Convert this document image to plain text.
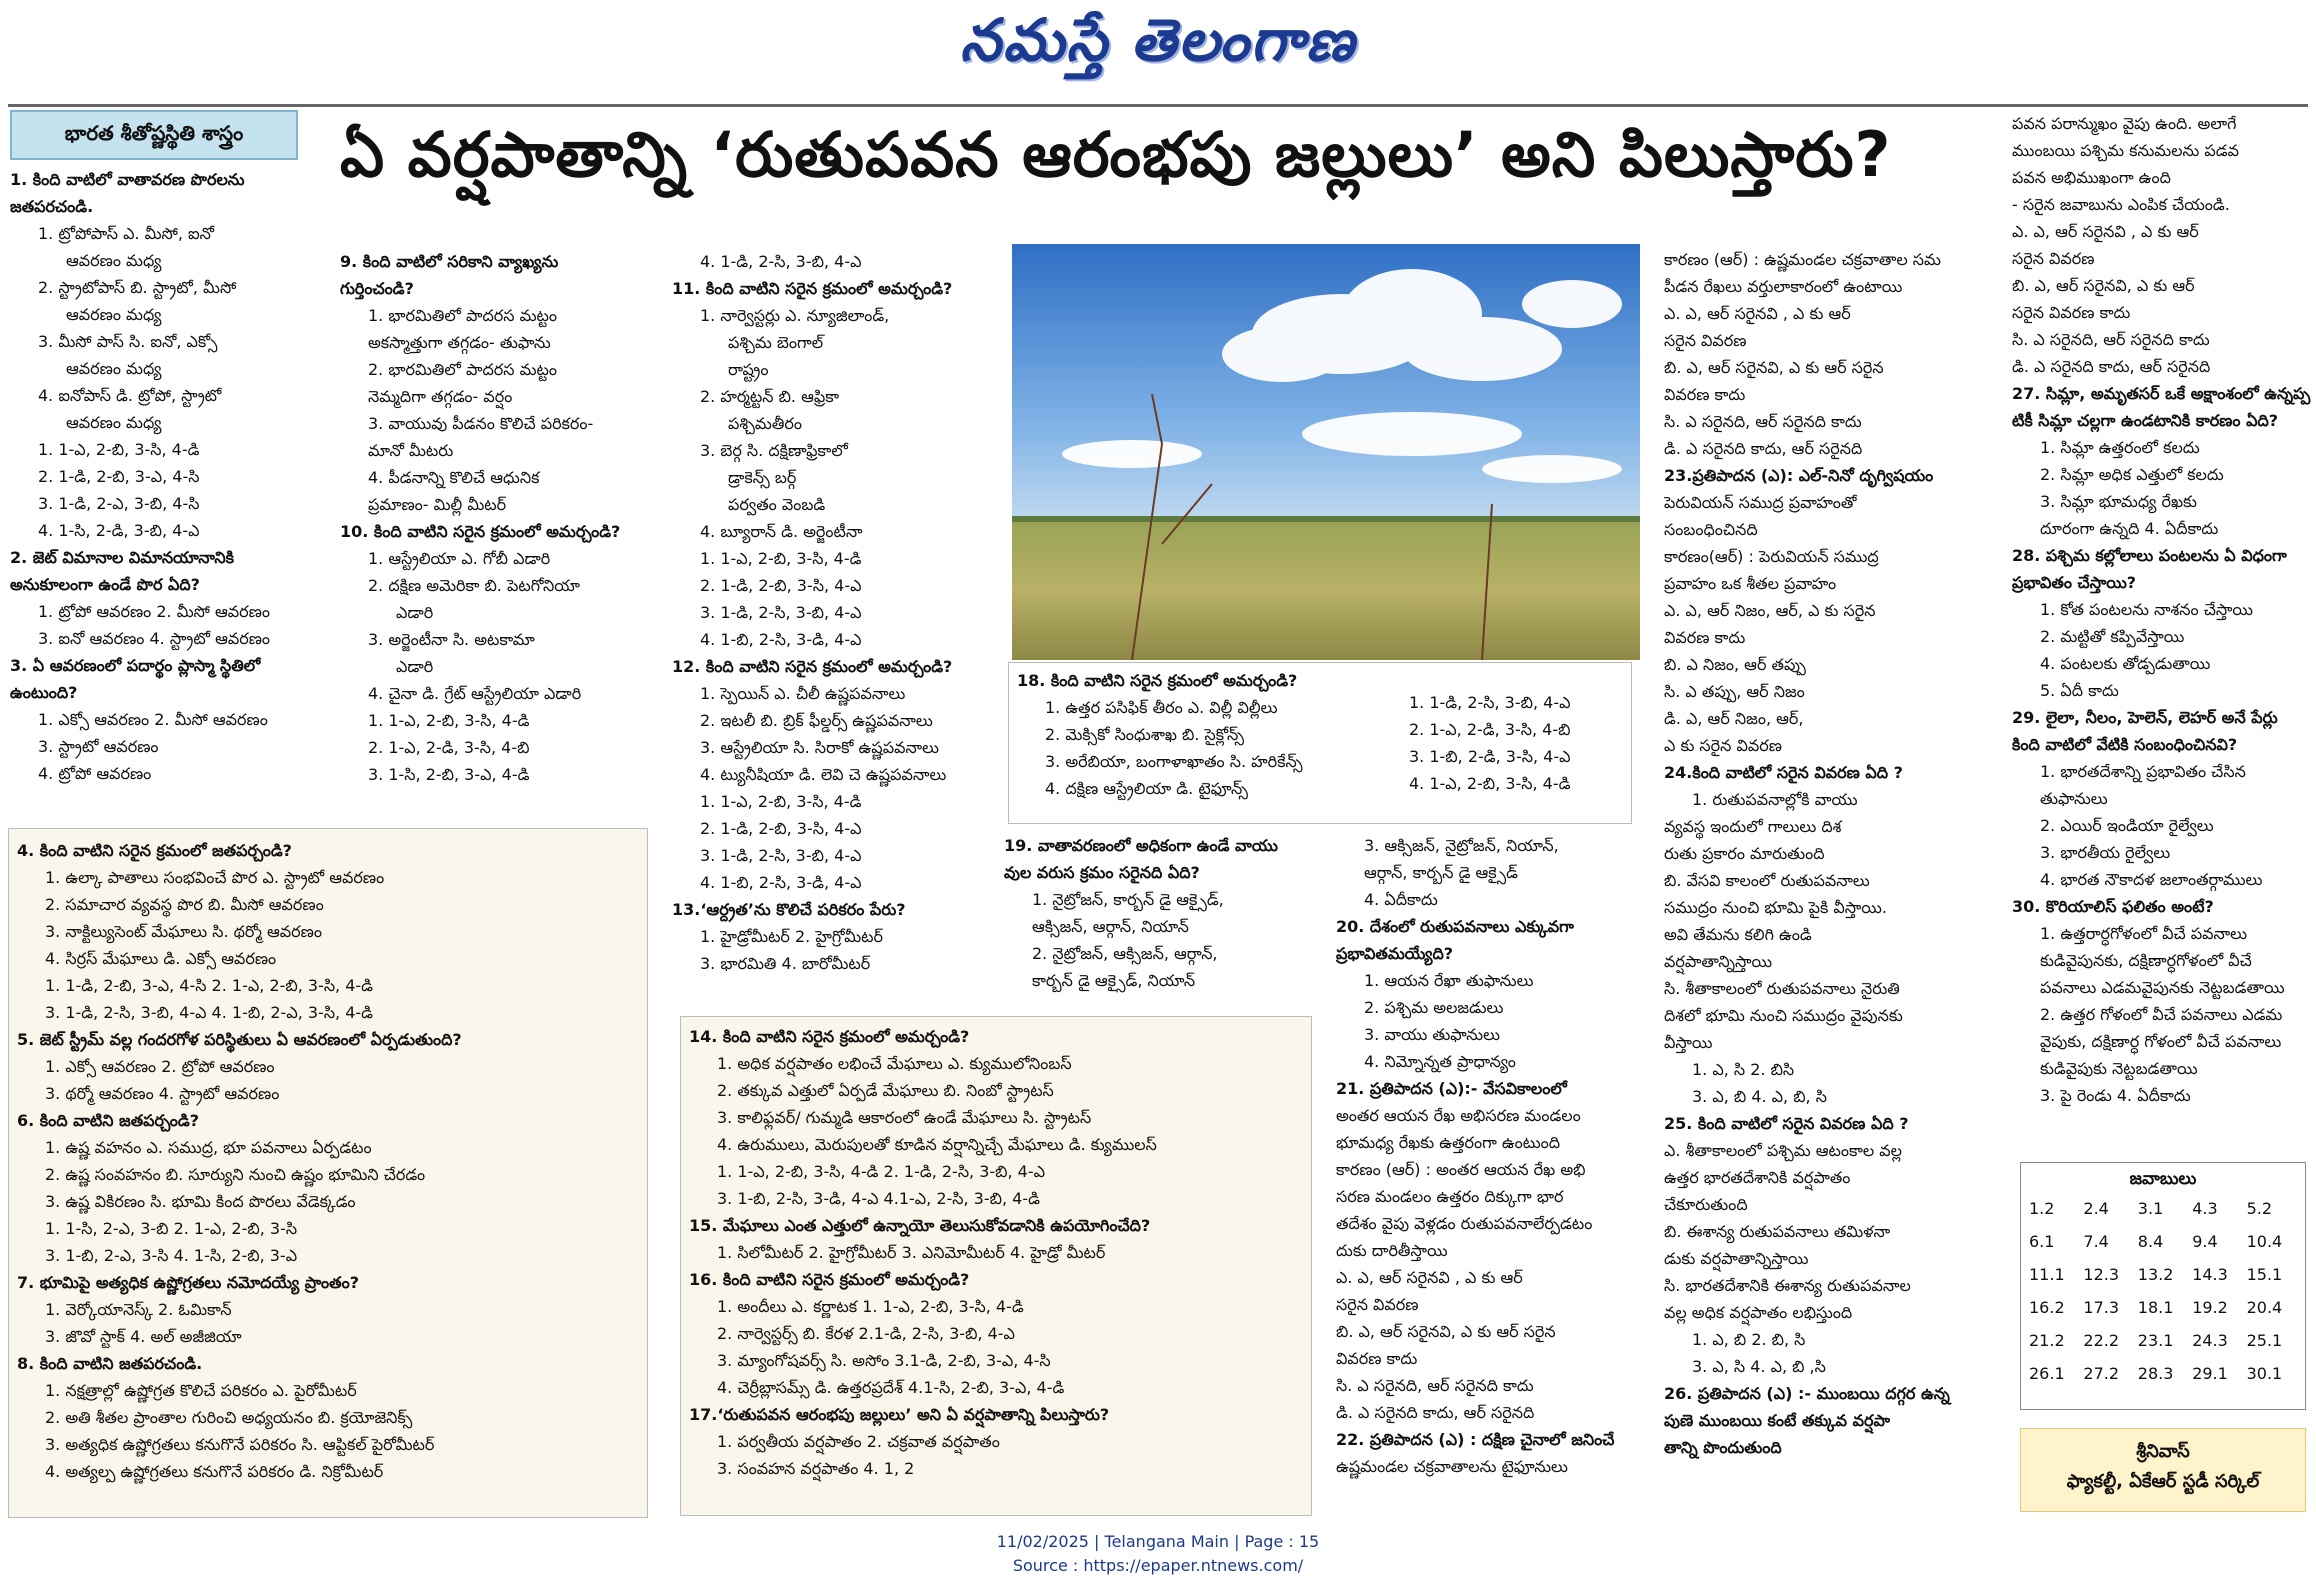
నమస్తే తెలంగాణ
భారత శీతోష్ణస్థితి శాస్త్రం	ఏ వర్షపాతాన్ని ‘రుతుపవన ఆరంభపు జల్లులు’ అని పిలుస్తారు?

1. కింది వాటిలో వాతావరణ పొరలను

జతపరచండి.

1. ట్రోపోపాస్ ఎ. మీసో, ఐనో

ఆవరణం మధ్య

2. స్ట్రాటోపాస్ బి. స్ట్రాటో, మీసో

ఆవరణం మధ్య

3. మీసో పాస్ సి. ఐనో, ఎక్సో

ఆవరణం మధ్య

4. ఐనోపాస్ డి. ట్రోపో, స్ట్రాటో

ఆవరణం మధ్య

1. 1-ఎ, 2-బి, 3-సి, 4-డి

2. 1-డి, 2-బి, 3-ఎ, 4-సి

3. 1-డి, 2-ఎ, 3-బి, 4-సి

4. 1-సి, 2-డి, 3-బి, 4-ఎ

2. జెట్ విమానాల విమానయానానికి

అనుకూలంగా ఉండే పొర ఏది?

1. ట్రోపో ఆవరణం 2. మీసో ఆవరణం

3. ఐనో ఆవరణం 4. స్ట్రాటో ఆవరణం

3. ఏ ఆవరణంలో పదార్థం ప్లాస్మా స్థితిలో

ఉంటుంది?

1. ఎక్సో ఆవరణం 2. మీసో ఆవరణం

3. స్ట్రాటో ఆవరణం

4. ట్రోపో ఆవరణం

9. కింది వాటిలో సరికాని వ్యాఖ్యను

గుర్తించండి?

1. భారమితిలో పాదరస మట్టం

అకస్మాత్తుగా తగ్గడం- తుఫాను

2. భారమితిలో పాదరస మట్టం

నెమ్మదిగా తగ్గడం- వర్షం

3. వాయువు పీడనం కొలిచే పరికరం-

మానో మీటరు

4. పీడనాన్ని కొలిచే ఆధునిక

ప్రమాణం- మిల్లీ మీటర్

10. కింది వాటిని సరైన క్రమంలో అమర్చండి?

1. ఆస్ట్రేలియా ఎ. గోబీ ఎడారి

2. దక్షిణ అమెరికా బి. పెటగోనియా

ఎడారి

3. అర్జెంటీనా సి. అటకామా

ఎడారి

4. చైనా డి. గ్రేట్ ఆస్ట్రేలియా ఎడారి

1. 1-ఎ, 2-బి, 3-సి, 4-డి

2. 1-ఎ, 2-డి, 3-సి, 4-బి

3. 1-సి, 2-బి, 3-ఎ, 4-డి

4. 1-డి, 2-సి, 3-బి, 4-ఎ

11. కింది వాటిని సరైన క్రమంలో అమర్చండి?

1. నార్వెస్టర్లు ఎ. న్యూజిలాండ్,

పశ్చిమ బెంగాల్

రాష్ట్రం

2. హర్మట్టన్ బి. ఆఫ్రికా

పశ్చిమతీరం

3. బెర్గ సి. దక్షిణాఫ్రికాలో

డ్రాకెన్స్ బర్గ్

పర్వతం వెంబడి

4. బ్యూరాన్ డి. అర్జెంటీనా

1. 1-ఎ, 2-బి, 3-సి, 4-డి

2. 1-డి, 2-బి, 3-సి, 4-ఎ

3. 1-డి, 2-సి, 3-బి, 4-ఎ

4. 1-బి, 2-సి, 3-డి, 4-ఎ

12. కింది వాటిని సరైన క్రమంలో అమర్చండి?

1. స్పెయిన్ ఎ. చీలీ ఉష్ణపవనాలు

2. ఇటలీ బి. బ్రిక్ ఫీల్డర్స్ ఉష్ణపవనాలు

3. ఆస్ట్రేలియా సి. సిరాకో ఉష్ణపవనాలు

4. ట్యునీషియా డి. లెవి చె ఉష్ణపవనాలు

1. 1-ఎ, 2-బి, 3-సి, 4-డి

2. 1-డి, 2-బి, 3-సి, 4-ఎ

3. 1-డి, 2-సి, 3-బి, 4-ఎ

4. 1-బి, 2-సి, 3-డి, 4-ఎ

13.‘ఆర్ద్రత’ను కొలిచే పరికరం పేరు?

1. హైడ్రోమీటర్ 2. హైగ్రోమీటర్

3. భారమితి 4. బారోమీటర్

4. కింది వాటిని సరైన క్రమంలో జతపర్చండి?

1. ఉల్కా పాతాలు సంభవించే పొర ఎ. స్ట్రాటో ఆవరణం

2. సమాచార వ్యవస్థ పొర బి. మీసో ఆవరణం

3. నాక్టిల్యుసెంట్ మేఘాలు సి. థర్మో ఆవరణం

4. సిర్రస్ మేఘాలు డి. ఎక్సో ఆవరణం

1. 1-డి, 2-బి, 3-ఎ, 4-సి 2. 1-ఎ, 2-బి, 3-సి, 4-డి

3. 1-డి, 2-సి, 3-బి, 4-ఎ 4. 1-బి, 2-ఎ, 3-సి, 4-డి

5. జెట్ స్ట్రీమ్ వల్ల గందరగోళ పరిస్థితులు ఏ ఆవరణంలో ఏర్పడుతుంది?

1. ఎక్సో ఆవరణం 2. ట్రోపో ఆవరణం

3. థర్మో ఆవరణం 4. స్ట్రాటో ఆవరణం

6. కింది వాటిని జతపర్చండి?

1. ఉష్ణ వహనం ఎ. సముద్ర, భూ పవనాలు ఏర్పడటం

2. ఉష్ణ సంవహనం బి. సూర్యుని నుంచి ఉష్ణం భూమిని చేరడం

3. ఉష్ణ వికిరణం సి. భూమి కింద పొరలు వేడెక్కడం

1. 1-సి, 2-ఎ, 3-బి 2. 1-ఎ, 2-బి, 3-సి

3. 1-బి, 2-ఎ, 3-సి 4. 1-సి, 2-బి, 3-ఎ

7. భూమిపై అత్యధిక ఉష్ణోగ్రతలు నమోదయ్యే ప్రాంతం?

1. వెర్కోయానెస్క్ 2. ఓమికాన్

3. జొవో స్టాక్ 4. అల్ అజీజియా

8. కింది వాటిని జతపరచండి.

1. నక్షత్రాల్లో ఉష్ణోగ్రత కొలిచే పరికరం ఎ. పైరోమీటర్

2. అతి శీతల ప్రాంతాల గురించి అధ్యయనం బి. క్రయోజెనిక్స్

3. అత్యధిక ఉష్ణోగ్రతలు కనుగొనే పరికరం సి. ఆప్టికల్ పైరోమీటర్

4. అత్యల్ప ఉష్ణోగ్రతలు కనుగొనే పరికరం డి. నిక్రోమీటర్

18. కింది వాటిని సరైన క్రమంలో అమర్చండి?

1. ఉత్తర పసిఫిక్ తీరం ఎ. విల్లీ విల్లీలు

2. మెక్సికో సింధుశాఖ బి. సైక్లోన్స్

3. అరేబియా, బంగాళాఖాతం సి. హరికేన్స్

4. దక్షిణ ఆస్ట్రేలియా డి. టైఫూన్స్

1. 1-డి, 2-సి, 3-బి, 4-ఎ

2. 1-ఎ, 2-డి, 3-సి, 4-బి

3. 1-బి, 2-డి, 3-సి, 4-ఎ

4. 1-ఎ, 2-బి, 3-సి, 4-డి

19. వాతావరణంలో అధికంగా ఉండే వాయు

వుల వరుస క్రమం సరైనది ఏది?

1. నైట్రోజన్, కార్బన్ డై ఆక్సైడ్,

ఆక్సిజన్, ఆర్గాన్, నియాన్

2. నైట్రోజన్, ఆక్సిజన్, ఆర్గాన్,

కార్బన్ డై ఆక్సైడ్, నియాన్

14. కింది వాటిని సరైన క్రమంలో అమర్చండి?

1. అధిక వర్షపాతం లభించే మేఘాలు ఎ. క్యుములోనింబస్

2. తక్కువ ఎత్తులో ఏర్పడే మేఘాలు బి. నింబో స్ట్రాటస్

3. కాలిఫ్లవర్/ గుమ్మడి ఆకారంలో ఉండే మేఘాలు సి. స్ట్రాటస్

4. ఉరుములు, మెరుపులతో కూడిన వర్షాన్నిచ్చే మేఘాలు డి. క్యుములస్

1. 1-ఎ, 2-బి, 3-సి, 4-డి 2. 1-డి, 2-సి, 3-బి, 4-ఎ

3. 1-బి, 2-సి, 3-డి, 4-ఎ 4.1-ఎ, 2-సి, 3-బి, 4-డి

15. మేఘాలు ఎంత ఎత్తులో ఉన్నాయో తెలుసుకోవడానికి ఉపయోగించేది?

1. సిలోమీటర్ 2. హైగ్రోమీటర్ 3. ఎనిమోమీటర్ 4. హైడ్రో మీటర్

16. కింది వాటిని సరైన క్రమంలో అమర్చండి?

1. అందీలు ఎ. కర్ణాటక 1. 1-ఎ, 2-బి, 3-సి, 4-డి

2. నార్వెస్టర్స్ బి. కేరళ 2.1-డి, 2-సి, 3-బి, 4-ఎ

3. మ్యాంగోషవర్స్ సి. అసోం 3.1-డి, 2-బి, 3-ఎ, 4-సి

4. చెర్రీబ్లాసమ్స్ డి. ఉత్తరప్రదేశ్ 4.1-సి, 2-బి, 3-ఎ, 4-డి

17.‘రుతుపవన ఆరంభపు జల్లులు’ అని ఏ వర్షపాతాన్ని పిలుస్తారు?

1. పర్వతీయ వర్షపాతం 2. చక్రవాత వర్షపాతం

3. సంవహన వర్షపాతం 4. 1, 2

3. ఆక్సిజన్, నైట్రోజన్, నియాన్,

ఆర్గాన్, కార్బన్ డై ఆక్సైడ్

4. ఏదీకాదు

20. దేశంలో రుతుపవనాలు ఎక్కువగా

ప్రభావితమయ్యేది?

1. ఆయన రేఖా తుఫానులు

2. పశ్చిమ అలజడులు

3. వాయు తుఫానులు

4. నిమ్నోన్నత ప్రాధాన్యం

21. ప్రతిపాదన (ఎ):- వేసవికాలంలో

అంతర ఆయన రేఖ అభిసరణ మండలం

భూమధ్య రేఖకు ఉత్తరంగా ఉంటుంది

కారణం (ఆర్) : అంతర ఆయన రేఖ అభి

సరణ మండలం ఉత్తరం దిక్కుగా భార

తదేశం వైపు వెళ్లడం రుతుపవనాలేర్పడటం

దుకు దారితీస్తాయి

ఎ. ఎ, ఆర్ సరైనవి , ఎ కు ఆర్

సరైన వివరణ

బి. ఎ, ఆర్ సరైనవి, ఎ కు ఆర్ సరైన

వివరణ కాదు

సి. ఎ సరైనది, ఆర్ సరైనది కాదు

డి. ఎ సరైనది కాదు, ఆర్ సరైనది

22. ప్రతిపాదన (ఎ) : దక్షిణ చైనాలో జనించే

ఉష్ణమండల చక్రవాతాలను టైఫూనులు

కారణం (ఆర్) : ఉష్ణమండల చక్రవాతాల సమ

పీడన రేఖలు వర్తులాకారంలో ఉంటాయి

ఎ. ఎ, ఆర్ సరైనవి , ఎ కు ఆర్

సరైన వివరణ

బి. ఎ, ఆర్ సరైనవి, ఎ కు ఆర్ సరైన

వివరణ కాదు

సి. ఎ సరైనది, ఆర్ సరైనది కాదు

డి. ఎ సరైనది కాదు, ఆర్ సరైనది

23.ప్రతిపాదన (ఎ): ఎల్-నినో దృగ్విషయం

పెరువియన్ సముద్ర ప్రవాహంతో

సంబంధించినది

కారణం(ఆర్) : పెరువియన్ సముద్ర

ప్రవాహం ఒక శీతల ప్రవాహం

ఎ. ఎ, ఆర్ నిజం, ఆర్, ఎ కు సరైన

వివరణ కాదు

బి. ఎ నిజం, ఆర్ తప్పు

సి. ఎ తప్పు, ఆర్ నిజం

డి. ఎ, ఆర్ నిజం, ఆర్,

ఎ కు సరైన వివరణ

24.కింది వాటిలో సరైన వివరణ ఏది ?

1. రుతుపవనాల్లోకి వాయు

వ్యవస్థ ఇందులో గాలులు దిశ

రుతు ప్రకారం మారుతుంది

బి. వేసవి కాలంలో రుతుపవనాలు

సముద్రం నుంచి భూమి పైకి వీస్తాయి.

అవి తేమను కలిగి ఉండి

వర్షపాతాన్నిస్తాయి

సి. శీతాకాలంలో రుతుపవనాలు నైరుతి

దిశలో భూమి నుంచి సముద్రం వైపునకు

వీస్తాయి

1. ఎ, సి 2. బిసి

3. ఎ, బి 4. ఎ, బి, సి

25. కింది వాటిలో సరైన వివరణ ఏది ?

ఎ. శీతాకాలంలో పశ్చిమ ఆటంకాల వల్ల

ఉత్తర భారతదేశానికి వర్షపాతం

చేకూరుతుంది

బి. ఈశాన్య రుతుపవనాలు తమిళనా

డుకు వర్షపాతాన్నిస్తాయి

సి. భారతదేశానికి ఈశాన్య రుతుపవనాల

వల్ల అధిక వర్షపాతం లభిస్తుంది

1. ఎ, బి 2. బి, సి

3. ఎ, సి 4. ఎ, బి ,సి

26. ప్రతిపాదన (ఎ) :- ముంబయి దగ్గర ఉన్న

పుణె ముంబయి కంటే తక్కువ వర్షపా

తాన్ని పొందుతుంది

పవన పరాన్ముఖం వైపు ఉంది. అలాగే

ముంబయి పశ్చిమ కనుమలను పడవ

పవన అభిముఖంగా ఉంది

- సరైన జవాబును ఎంపిక చేయండి.

ఎ. ఎ, ఆర్ సరైనవి , ఎ కు ఆర్

సరైన వివరణ

బి. ఎ, ఆర్ సరైనవి, ఎ కు ఆర్

సరైన వివరణ కాదు

సి. ఎ సరైనది, ఆర్ సరైనది కాదు

డి. ఎ సరైనది కాదు, ఆర్ సరైనది

27. సిమ్లా, అమృతసర్ ఒకే అక్షాంశంలో ఉన్నప్ప

టికీ సిమ్లా చల్లగా ఉండటానికి కారణం ఏది?

1. సిమ్లా ఉత్తరంలో కలదు

2. సిమ్లా అధిక ఎత్తులో కలదు

3. సిమ్లా భూమధ్య రేఖకు

దూరంగా ఉన్నది 4. ఏదీకాదు

28. పశ్చిమ కల్లోలాలు పంటలను ఏ విధంగా

ప్రభావితం చేస్తాయి?

1. కోత పంటలను నాశనం చేస్తాయి

2. మట్టితో కప్పివేస్తాయి

4. పంటలకు తోడ్పడుతాయి

5. ఏదీ కాదు

29. లైలా, నీలం, హెలెన్, లెహర్ అనే పేర్లు

కింది వాటిలో వేటికి సంబంధించినవి?

1. భారతదేశాన్ని ప్రభావితం చేసిన

తుఫానులు

2. ఎయిర్ ఇండియా రైల్వేలు

3. భారతీయ రైల్వేలు

4. భారత నౌకాదళ జలాంతర్గాములు

30. కొరియాలిస్ ఫలితం అంటే?

1. ఉత్తరార్ధగోళంలో వీచే పవనాలు

కుడివైపునకు, దక్షిణార్ధగోళంలో వీచే

పవనాలు ఎడమవైపునకు నెట్టబడతాయి

2. ఉత్తర గోళంలో వీచే పవనాలు ఎడమ

వైపుకు, దక్షిణార్ధ గోళంలో వీచే పవనాలు

కుడివైపుకు నెట్టబడతాయి

3. పై రెండు 4. ఏదీకాదు

జవాబులు
1.2	2.4	3.1	4.3	5.2
6.1	7.4	8.4	9.4	10.4
11.1	12.3	13.2	14.3	15.1
16.2	17.3	18.1	19.2	20.4
21.2	22.2	23.1	24.3	25.1
26.1	27.2	28.3	29.1	30.1
శ్రీనివాస్
ఫ్యాకల్టీ, ఏకేఆర్ స్టడీ సర్కిల్
11/02/2025 | Telangana Main | Page : 15
Source : https://epaper.ntnews.com/
